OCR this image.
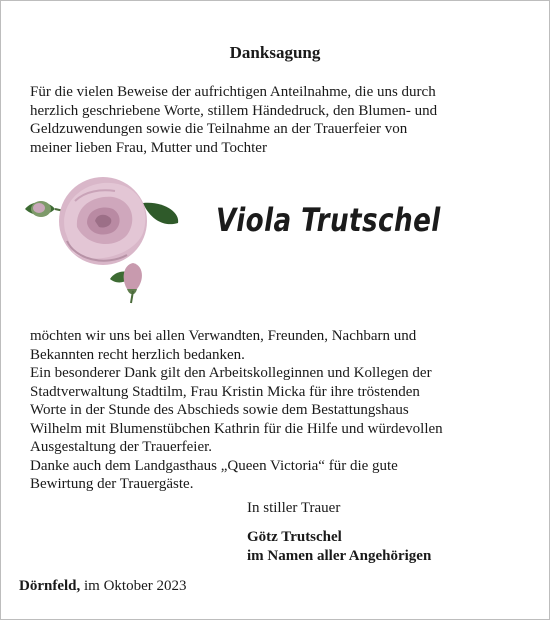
Danksagung
Für die vielen Beweise der aufrichtigen Anteilnahme, die uns durch
herzlich geschriebene Worte, stillem Händedruck, den Blumen- und
Geldzuwendungen sowie die Teilnahme an der Trauerfeier von
meiner lieben Frau, Mutter und Tochter
Viola Trutschel
möchten wir uns bei allen Verwandten, Freunden, Nachbarn und
Bekannten recht herzlich bedanken.
Ein besonderer Dank gilt den Arbeitskolleginnen und Kollegen der
Stadtverwaltung Stadtilm, Frau Kristin Micka für ihre tröstenden
Worte in der Stunde des Abschieds sowie dem Bestattungshaus
Wilhelm mit Blumenstübchen Kathrin für die Hilfe und würdevollen
Ausgestaltung der Trauerfeier.
Danke auch dem Landgasthaus „Queen Victoria“ für die gute
Bewirtung der Trauergäste.
In stiller Trauer
Götz Trutschel
im Namen aller Angehörigen
Dörnfeld, im Oktober 2023
